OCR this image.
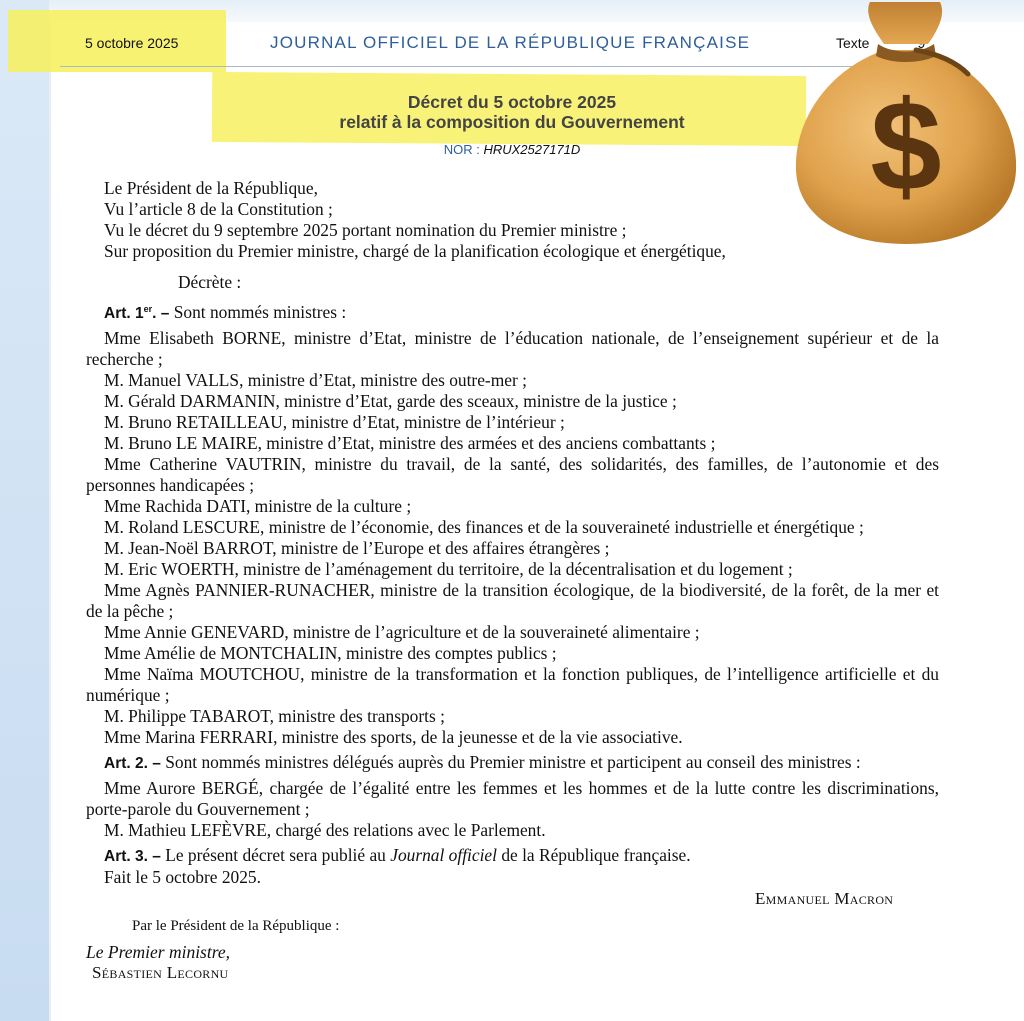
5 octobre 2025	JOURNAL OFFICIEL DE LA RÉPUBLIQUE FRANÇAISE	Texte
Décret du 5 octobre 2025
relatif à la composition du Gouvernement
NOR : HRUX2527171D

Le Président de la République,

Vu l’article 8 de la Constitution ;

Vu le décret du 9 septembre 2025 portant nomination du Premier ministre ;

Sur proposition du Premier ministre, chargé de la planification écologique et énergétique,

Décrète :

Art. 1er. – Sont nommés ministres :

Mme Elisabeth BORNE, ministre d’Etat, ministre de l’éducation nationale, de l’enseignement supérieur et de la recherche ;

M. Manuel VALLS, ministre d’Etat, ministre des outre-mer ;

M. Gérald DARMANIN, ministre d’Etat, garde des sceaux, ministre de la justice ;

M. Bruno RETAILLEAU, ministre d’Etat, ministre de l’intérieur ;

M. Bruno LE MAIRE, ministre d’Etat, ministre des armées et des anciens combattants ;

Mme Catherine VAUTRIN, ministre du travail, de la santé, des solidarités, des familles, de l’autonomie et des personnes handicapées ;

Mme Rachida DATI, ministre de la culture ;

M. Roland LESCURE, ministre de l’économie, des finances et de la souveraineté industrielle et énergétique ;

M. Jean-Noël BARROT, ministre de l’Europe et des affaires étrangères ;

M. Eric WOERTH, ministre de l’aménagement du territoire, de la décentralisation et du logement ;

Mme Agnès PANNIER-RUNACHER, ministre de la transition écologique, de la biodiversité, de la forêt, de la mer et de la pêche ;

Mme Annie GENEVARD, ministre de l’agriculture et de la souveraineté alimentaire ;

Mme Amélie de MONTCHALIN, ministre des comptes publics ;

Mme Naïma MOUTCHOU, ministre de la transformation et la fonction publiques, de l’intelligence artificielle et du numérique ;

M. Philippe TABAROT, ministre des transports ;

Mme Marina FERRARI, ministre des sports, de la jeunesse et de la vie associative.

Art. 2. – Sont nommés ministres délégués auprès du Premier ministre et participent au conseil des ministres :

Mme Aurore BERGÉ, chargée de l’égalité entre les femmes et les hommes et de la lutte contre les discriminations, porte-parole du Gouvernement ;

M. Mathieu LEFÈVRE, chargé des relations avec le Parlement.

Art. 3. – Le présent décret sera publié au Journal officiel de la République française.

Fait le 5 octobre 2025.

Emmanuel Macron
Par le Président de la République :
Le Premier ministre,
Sébastien Lecornu
$
